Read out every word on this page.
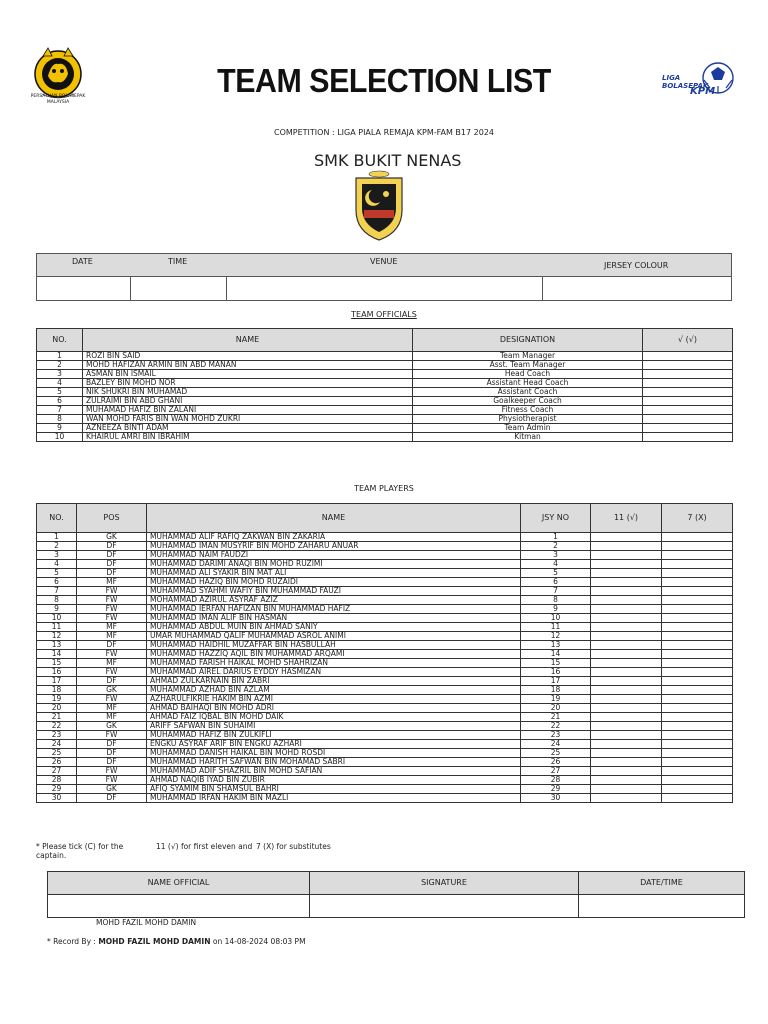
PERSATUAN BOLASEPAK MALAYSIA
LIGA BOLASEPAK
KPM
TEAM SELECTION LIST
COMPETITION : LIGA PIALA REMAJA KPM-FAM B17 2024
SMK BUKIT NENAS
DATE	TIME	VENUE	JERSEY COLOUR
TEAM OFFICIALS
NO.	NAME	DESIGNATION	√ (√)
1	ROZI BIN SAID	Team Manager	
2	MOHD HAFIZAN ARMIN BIN ABD MANAN	Asst. Team Manager	
3	ASMAN BIN ISMAIL	Head Coach	
4	BAZLEY BIN MOHD NOR	Assistant Head Coach	
5	NIK SHUKRI BIN MUHAMAD	Assistant Coach	
6	ZULRAIMI BIN ABD GHANI	Goalkeeper Coach	
7	MUHAMAD HAFIZ BIN ZALANI	Fitness Coach	
8	WAN MOHD FARIS BIN WAN MOHD ZUKRI	Physiotherapist	
9	AZNEEZA BINTI ADAM	Team Admin	
10	KHAIRUL AMRI BIN IBRAHIM	Kitman	
TEAM PLAYERS
NO.	POS	NAME	JSY NO	11 (√)	7 (X)
1	GK	MUHAMMAD ALIF RAFIQ ZAKWAN BIN ZAKARIA	1		
2	DF	MUHAMMAD IMAN MUSYRIF BIN MOHD ZAHARU ANUAR	2		
3	DF	MUHAMMAD NAIM FAUDZI	3		
4	DF	MUHAMMAD DARIMI ANAQI BIN MOHD RUZIMI	4		
5	DF	MUHAMMAD ALI SYAKIR BIN MAT ALI	5		
6	MF	MUHAMMAD HAZIQ BIN MOHD RUZAIDI	6		
7	FW	MUHAMMAD SYAHMI WAFIY BIN MUHAMMAD FAUZI	7		
8	FW	MOHAMMAD AZIRUL ASYRAF AZIZ	8		
9	FW	MUHAMMAD IERFAN HAFIZAN BIN MUHAMMAD HAFIZ	9		
10	FW	MUHAMMAD IMAN ALIF BIN HASMAN	10		
11	MF	MUHAMMAD ABDUL MUIN BIN AHMAD SANIY	11		
12	MF	UMAR MUHAMMAD QALIF MUHAMMAD ASROL ANIMI	12		
13	DF	MUHAMMAD HAIDHIL MUZAFFAR BIN HASBULLAH	13		
14	FW	MUHAMMAD HAZZIQ AQIL BIN MUHAMMAD ARQAMI	14		
15	MF	MUHAMMAD FARISH HAIKAL MOHD SHAHRIZAN	15		
16	FW	MUHAMMAD AIREL DARIUS EYDDY HASMIZAN	16		
17	DF	AHMAD ZULKARNAIN BIN ZABRI	17		
18	GK	MUHAMMAD AZHAD BIN AZLAM	18		
19	FW	AZHARULFIKRIE HAKIM BIN AZMI	19		
20	MF	AHMAD BAIHAQI BIN MOHD ADRI	20		
21	MF	AHMAD FAIZ IQBAL BIN MOHD DAIK	21		
22	GK	ARIFF SAFWAN BIN SUHAIMI	22		
23	FW	MUHAMMAD HAFIZ BIN ZULKIFLI	23		
24	DF	ENGKU ASYRAF ARIF BIN ENGKU AZHARI	24		
25	DF	MUHAMMAD DANISH HAIKAL BIN MOHD ROSDI	25		
26	DF	MUHAMMAD HARITH SAFWAN BIN MOHAMAD SABRI	26		
27	FW	MUHAMMAD ADIF SHAZRIL BIN MOHD SAFIAN	27		
28	FW	AHMAD NAQIB IYAD BIN ZUBIR	28		
29	GK	AFIQ SYAMIM BIN SHAMSUL BAHRI	29		
30	DF	MUHAMMAD IRFAN HAKIM BIN MAZLI	30		
* Please tick (C) for the captain.
11 (√) for first eleven and 7 (X) for substitutes
NAME OFFICIAL	SIGNATURE	DATE/TIME

MOHD FAZIL MOHD DAMIN
* Record By : MOHD FAZIL MOHD DAMIN on 14-08-2024 08:03 PM
